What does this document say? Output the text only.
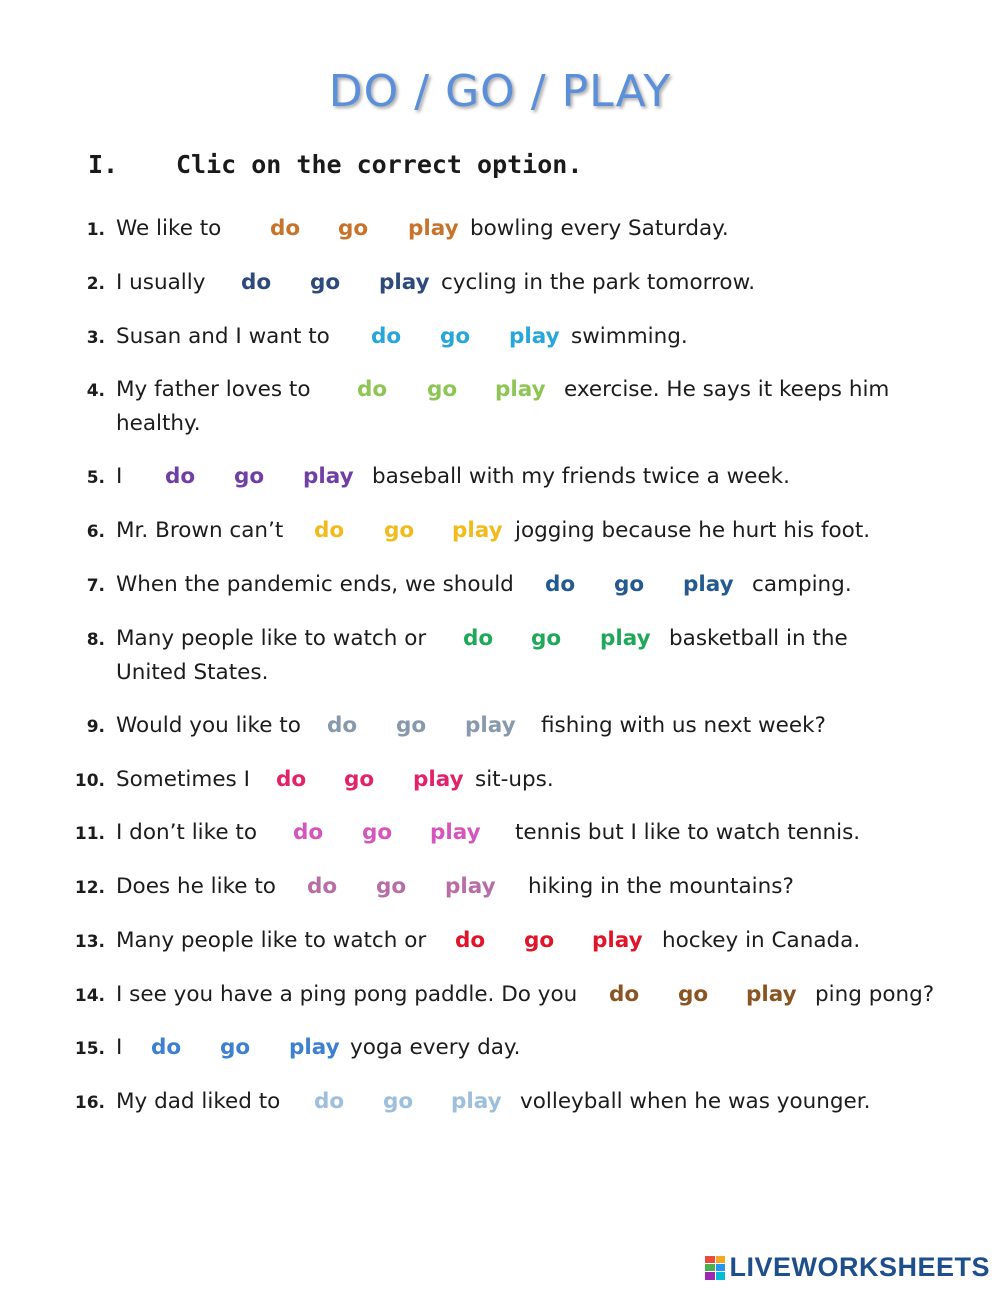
DO / GO / PLAY
I. Clic on the correct option.
1. We like to do go play bowling every Saturday.
2. I usually do go play cycling in the park tomorrow.
3. Susan and I want to do go play swimming.
4. My father loves to do go play exercise. He says it keeps him
healthy.
5. I do go play baseball with my friends twice a week.
6. Mr. Brown can’t do go play jogging because he hurt his foot.
7. When the pandemic ends, we should do go play camping.
8. Many people like to watch or do go play basketball in the
United States.
9. Would you like to do go play fishing with us next week?
10. Sometimes I do go play sit-ups.
11. I don’t like to do go play tennis but I like to watch tennis.
12. Does he like to do go play hiking in the mountains?
13. Many people like to watch or do go play hockey in Canada.
14. I see you have a ping pong paddle. Do you do go play ping pong?
15. I do go play yoga every day.
16. My dad liked to do go play volleyball when he was younger.
LIVEWORKSHEETS
